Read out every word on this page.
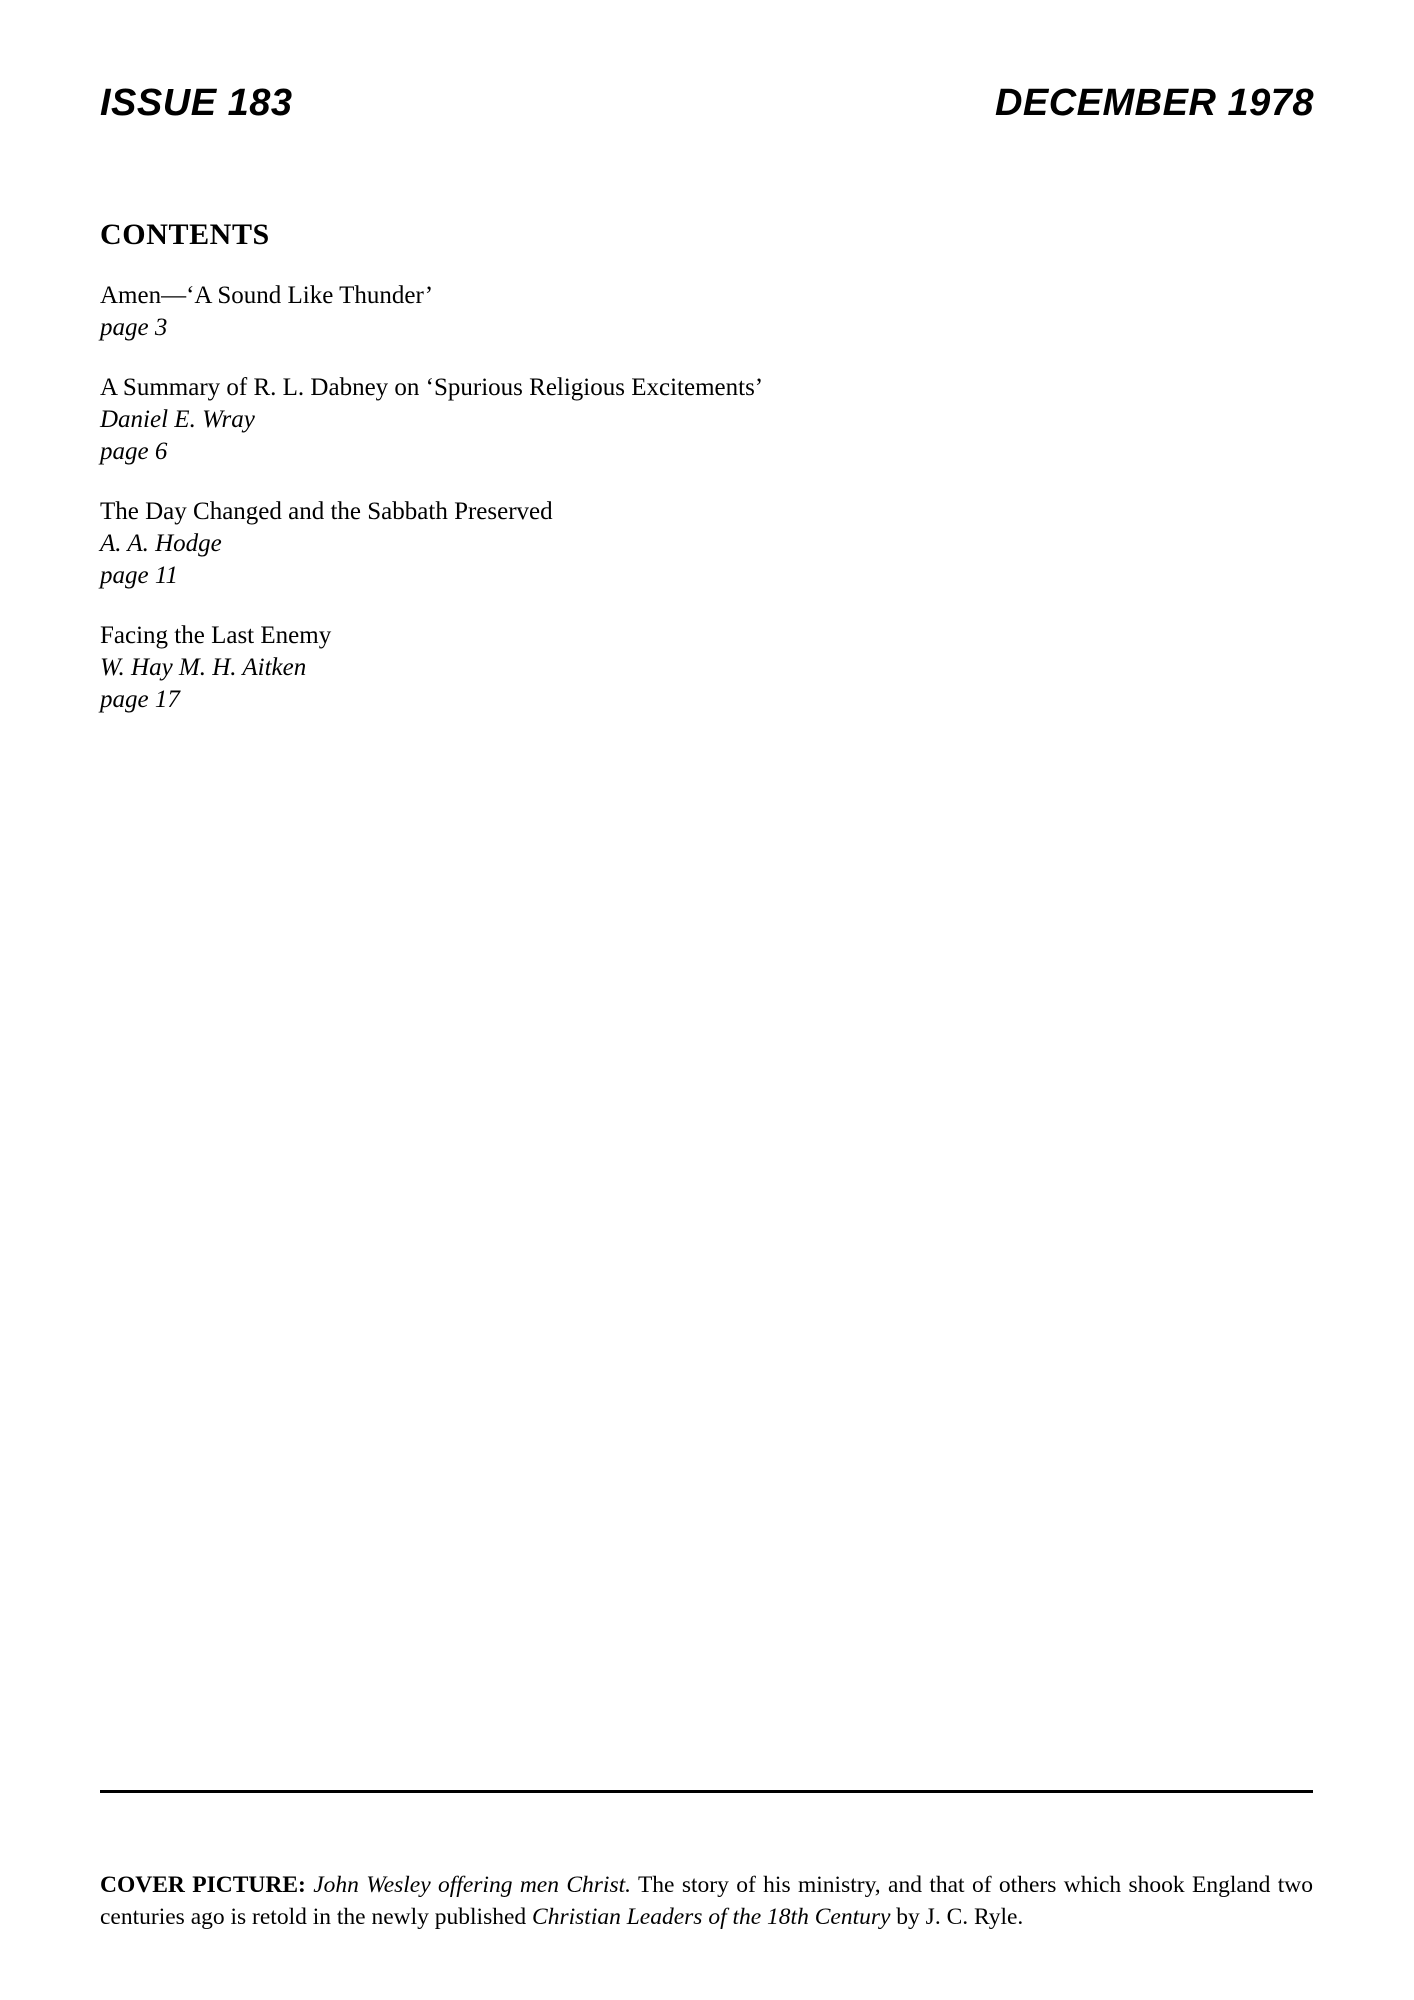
ISSUE 183	DECEMBER 1978
CONTENTS

Amen—‘A Sound Like Thunder’

page 3

A Summary of R. L. Dabney on ‘Spurious Religious Excitements’

Daniel E. Wray

page 6

The Day Changed and the Sabbath Preserved

A. A. Hodge

page 11

Facing the Last Enemy

W. Hay M. H. Aitken

page 17

COVER PICTURE: John Wesley offering men Christ. The story of his ministry, and that of others which shook England two centuries ago is retold in the newly published Christian Leaders of the 18th Century by J. C. Ryle.
